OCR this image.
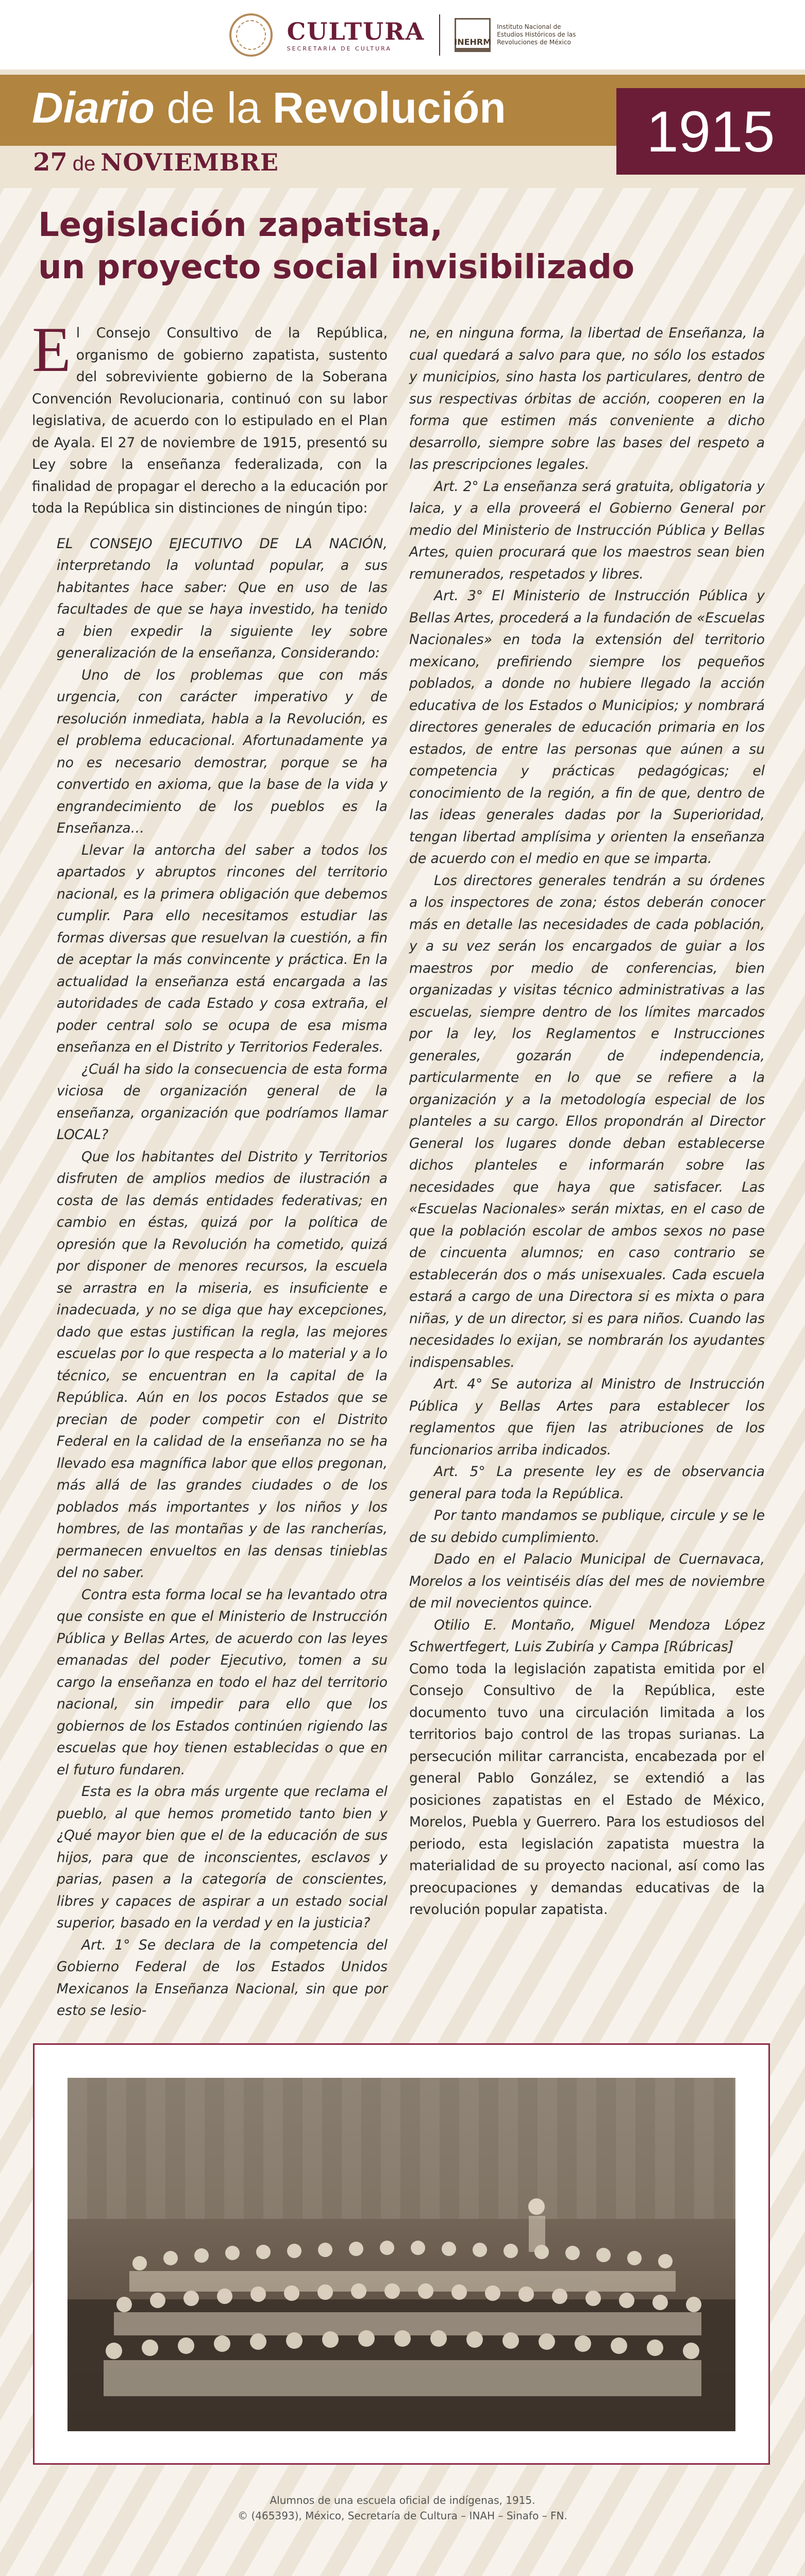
CULTURA
SECRETARÍA DE CULTURA
INEHRM
Instituto Nacional de
Estudios Históricos de las
Revoluciones de México
Diario de la Revolución	1915
27 de NOVIEMBRE
Legislación zapatista,
un proyecto social invisibilizado

El Consejo Consultivo de la República, organismo de gobierno zapatista, sustento del sobreviviente gobierno de la Soberana Convención Revolucionaria, continuó con su labor legislativa, de acuerdo con lo estipulado en el Plan de Ayala. El 27 de noviembre de 1915, presentó su Ley sobre la enseñanza federalizada, con la finalidad de propagar el derecho a la educación por toda la República sin distinciones de ningún tipo:

EL CONSEJO EJECUTIVO DE LA NACIÓN, interpretando la voluntad popular, a sus habitantes hace saber: Que en uso de las facultades de que se haya investido, ha tenido a bien expedir la siguiente ley sobre generalización de la enseñanza, Considerando:

Uno de los problemas que con más urgencia, con carácter imperativo y de resolución inmediata, habla a la Revolución, es el problema educacional. Afortunadamente ya no es necesario demostrar, porque se ha convertido en axioma, que la base de la vida y engrandecimiento de los pueblos es la Enseñanza…

Llevar la antorcha del saber a todos los apartados y abruptos rincones del territorio nacional, es la primera obligación que debemos cumplir. Para ello necesitamos estudiar las formas diversas que resuelvan la cuestión, a fin de aceptar la más convincente y práctica. En la actualidad la enseñanza está encargada a las autoridades de cada Estado y cosa extraña, el poder central solo se ocupa de esa misma enseñanza en el Distrito y Territorios Federales.

¿Cuál ha sido la consecuencia de esta forma viciosa de organización general de la enseñanza, organización que podríamos llamar LOCAL?

Que los habitantes del Distrito y Territorios disfruten de amplios medios de ilustración a costa de las demás entidades federativas; en cambio en éstas, quizá por la política de opresión que la Revolución ha cometido, quizá por disponer de menores recursos, la escuela se arrastra en la miseria, es insuficiente e inadecuada, y no se diga que hay excepciones, dado que estas justifican la regla, las mejores escuelas por lo que respecta a lo material y a lo técnico, se encuentran en la capital de la República. Aún en los pocos Estados que se precian de poder competir con el Distrito Federal en la calidad de la enseñanza no se ha llevado esa magnífica labor que ellos pregonan, más allá de las grandes ciudades o de los poblados más importantes y los niños y los hombres, de las montañas y de las rancherías, permanecen envueltos en las densas tinieblas del no saber.

Contra esta forma local se ha levantado otra que consiste en que el Ministerio de Instrucción Pública y Bellas Artes, de acuerdo con las leyes emanadas del poder Ejecutivo, tomen a su cargo la enseñanza en todo el haz del territorio nacional, sin impedir para ello que los gobiernos de los Estados continúen rigiendo las escuelas que hoy tienen establecidas o que en el futuro fundaren.

Esta es la obra más urgente que reclama el pueblo, al que hemos prometido tanto bien y ¿Qué mayor bien que el de la educación de sus hijos, para que de inconscientes, esclavos y parias, pasen a la categoría de conscientes, libres y capaces de aspirar a un estado social superior, basado en la verdad y en la justicia?

Art. 1° Se declara de la competencia del Gobierno Federal de los Estados Unidos Mexicanos la Enseñanza Nacional, sin que por esto se lesio-

ne, en ninguna forma, la libertad de Enseñanza, la cual quedará a salvo para que, no sólo los estados y municipios, sino hasta los particulares, dentro de sus respectivas órbitas de acción, cooperen en la forma que estimen más conveniente a dicho desarrollo, siempre sobre las bases del respeto a las prescripciones legales.

Art. 2° La enseñanza será gratuita, obligatoria y laica, y a ella proveerá el Gobierno General por medio del Ministerio de Instrucción Pública y Bellas Artes, quien procurará que los maestros sean bien remunerados, respetados y libres.

Art. 3° El Ministerio de Instrucción Pública y Bellas Artes, procederá a la fundación de «Escuelas Nacionales» en toda la extensión del territorio mexicano, prefiriendo siempre los pequeños poblados, a donde no hubiere llegado la acción educativa de los Estados o Municipios; y nombrará directores generales de educación primaria en los estados, de entre las personas que aúnen a su competencia y prácticas pedagógicas; el conocimiento de la región, a fin de que, dentro de las ideas generales dadas por la Superioridad, tengan libertad amplísima y orienten la enseñanza de acuerdo con el medio en que se imparta.

Los directores generales tendrán a su órdenes a los inspectores de zona; éstos deberán conocer más en detalle las necesidades de cada población, y a su vez serán los encargados de guiar a los maestros por medio de conferencias, bien organizadas y visitas técnico administrativas a las escuelas, siempre dentro de los límites marcados por la ley, los Reglamentos e Instrucciones generales, gozarán de independencia, particularmente en lo que se refiere a la organización y a la metodología especial de los planteles a su cargo. Ellos propondrán al Director General los lugares donde deban establecerse dichos planteles e informarán sobre las necesidades que haya que satisfacer. Las «Escuelas Nacionales» serán mixtas, en el caso de que la población escolar de ambos sexos no pase de cincuenta alumnos; en caso contrario se establecerán dos o más unisexuales. Cada escuela estará a cargo de una Directora si es mixta o para niñas, y de un director, si es para niños. Cuando las necesidades lo exijan, se nombrarán los ayudantes indispensables.

Art. 4° Se autoriza al Ministro de Instrucción Pública y Bellas Artes para establecer los reglamentos que fijen las atribuciones de los funcionarios arriba indicados.

Art. 5° La presente ley es de observancia general para toda la República.

Por tanto mandamos se publique, circule y se le de su debido cumplimiento.

Dado en el Palacio Municipal de Cuernavaca, Morelos a los veintiséis días del mes de noviembre de mil novecientos quince.

Otilio E. Montaño, Miguel Mendoza López Schwertfegert, Luis Zubiría y Campa [Rúbricas]

Como toda la legislación zapatista emitida por el Consejo Consultivo de la República, este documento tuvo una circulación limitada a los territorios bajo control de las tropas surianas. La persecución militar carrancista, encabezada por el general Pablo González, se extendió a las posiciones zapatistas en el Estado de México, Morelos, Puebla y Guerrero. Para los estudiosos del periodo, esta legislación zapatista muestra la materialidad de su proyecto nacional, así como las preocupaciones y demandas educativas de la revolución popular zapatista.

Alumnos de una escuela oficial de indígenas, 1915.
© (465393), México, Secretaría de Cultura – INAH – Sinafo – FN.
